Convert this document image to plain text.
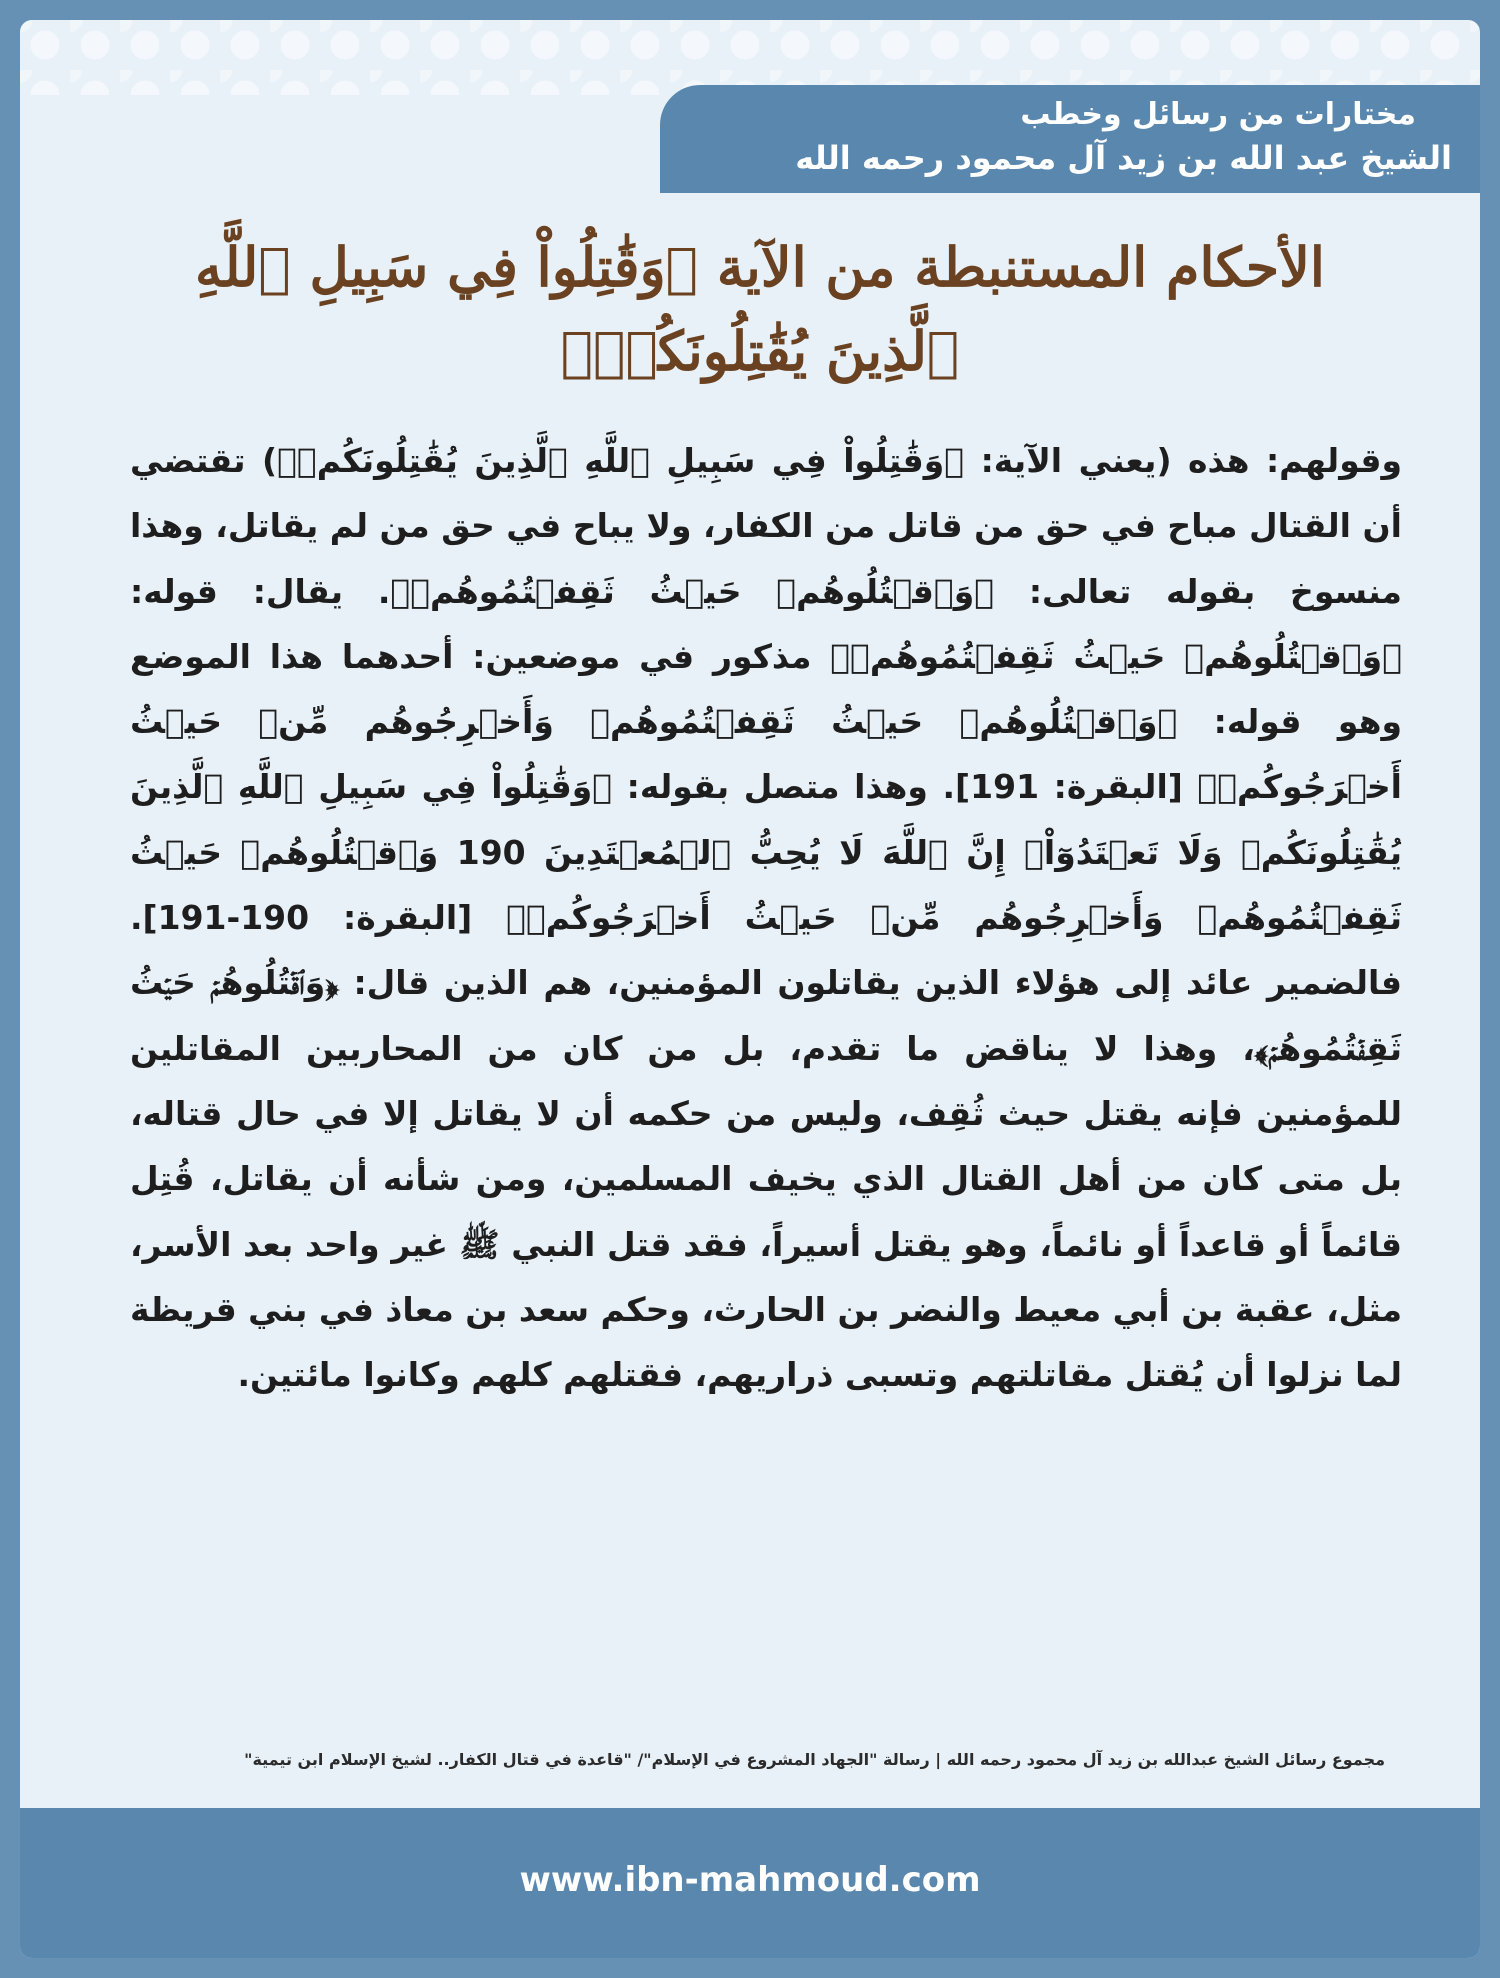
مختارات من رسائل وخطب
الشيخ عبد الله بن زيد آل محمود رحمه الله
الأحكام المستنبطة من الآية ﴿وَقَٰتِلُواْ فِي سَبِيلِ ٱللَّهِ ٱلَّذِينَ يُقَٰتِلُونَكُمۡ﴾

وقولهم: هذه (يعني الآية: ﴿وَقَٰتِلُواْ فِي سَبِيلِ ٱللَّهِ ٱلَّذِينَ يُقَٰتِلُونَكُمۡ﴾) تقتضي أن القتال مباح في حق من قاتل من الكفار، ولا يباح في حق من لم يقاتل، وهذا منسوخ بقوله تعالى: ﴿وَٱقۡتُلُوهُمۡ حَيۡثُ ثَقِفۡتُمُوهُمۡ﴾. يقال: قوله: ﴿وَٱقۡتُلُوهُمۡ حَيۡثُ ثَقِفۡتُمُوهُمۡ﴾ مذكور في موضعين: أحدهما هذا الموضع وهو قوله: ﴿وَٱقۡتُلُوهُمۡ حَيۡثُ ثَقِفۡتُمُوهُمۡ وَأَخۡرِجُوهُم مِّنۡ حَيۡثُ أَخۡرَجُوكُمۡ﴾ [البقرة: 191]. وهذا متصل بقوله: ﴿وَقَٰتِلُواْ فِي سَبِيلِ ٱللَّهِ ٱلَّذِينَ يُقَٰتِلُونَكُمۡ وَلَا تَعۡتَدُوٓاْۚ إِنَّ ٱللَّهَ لَا يُحِبُّ ٱلۡمُعۡتَدِينَ 190 وَٱقۡتُلُوهُمۡ حَيۡثُ ثَقِفۡتُمُوهُمۡ وَأَخۡرِجُوهُم مِّنۡ حَيۡثُ أَخۡرَجُوكُمۡ﴾ [البقرة: 190-191]. فالضمير عائد إلى هؤلاء الذين يقاتلون المؤمنين، هم الذين قال: ﴿وَٱقۡتُلُوهُمۡ حَيۡثُ ثَقِفۡتُمُوهُمۡ﴾، وهذا لا يناقض ما تقدم، بل من كان من المحاربين المقاتلين للمؤمنين فإنه يقتل حيث ثُقِف، وليس من حكمه أن لا يقاتل إلا في حال قتاله، بل متى كان من أهل القتال الذي يخيف المسلمين، ومن شأنه أن يقاتل، قُتِل قائماً أو قاعداً أو نائماً، وهو يقتل أسيراً، فقد قتل النبي ﷺ غير واحد بعد الأسر، مثل، عقبة بن أبي معيط والنضر بن الحارث، وحكم سعد بن معاذ في بني قريظة لما نزلوا أن يُقتل مقاتلتهم وتسبى ذراريهم، فقتلهم كلهم وكانوا مائتين.

مجموع رسائل الشيخ عبدالله بن زيد آل محمود رحمه الله | رسالة "الجهاد المشروع في الإسلام"/ "قاعدة في قتال الكفار.. لشيخ الإسلام ابن تيمية"
www.ibn-mahmoud.com
